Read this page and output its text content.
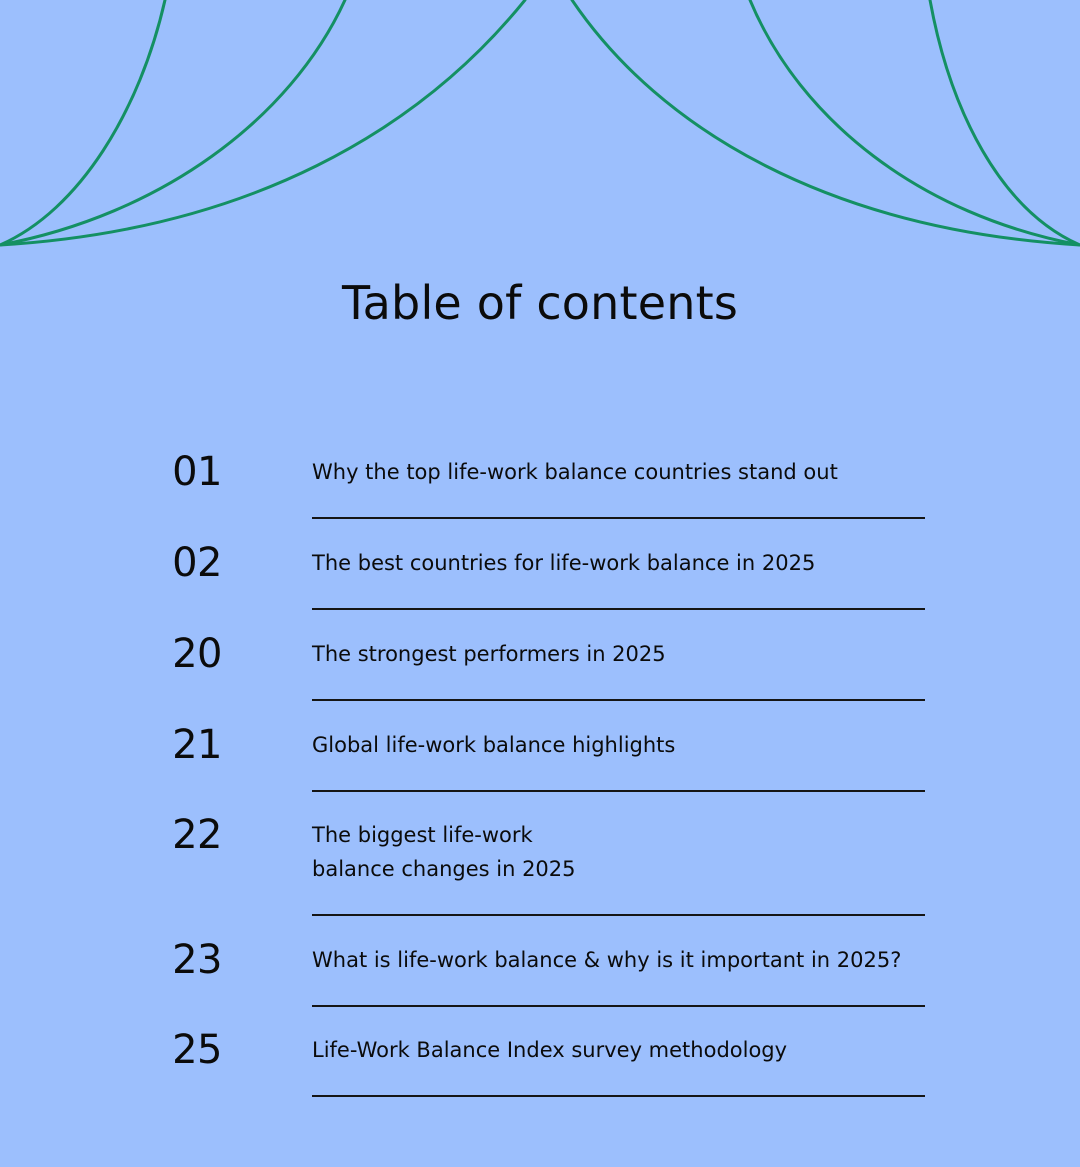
Table of contents
01	Why the top life-work balance countries stand out
02	The best countries for life-work balance in 2025
20	The strongest performers in 2025
21	Global life-work balance highlights
22	The biggest life-work
balance changes in 2025
23	What is life-work balance & why is it important in 2025?
25	Life-Work Balance Index survey methodology
